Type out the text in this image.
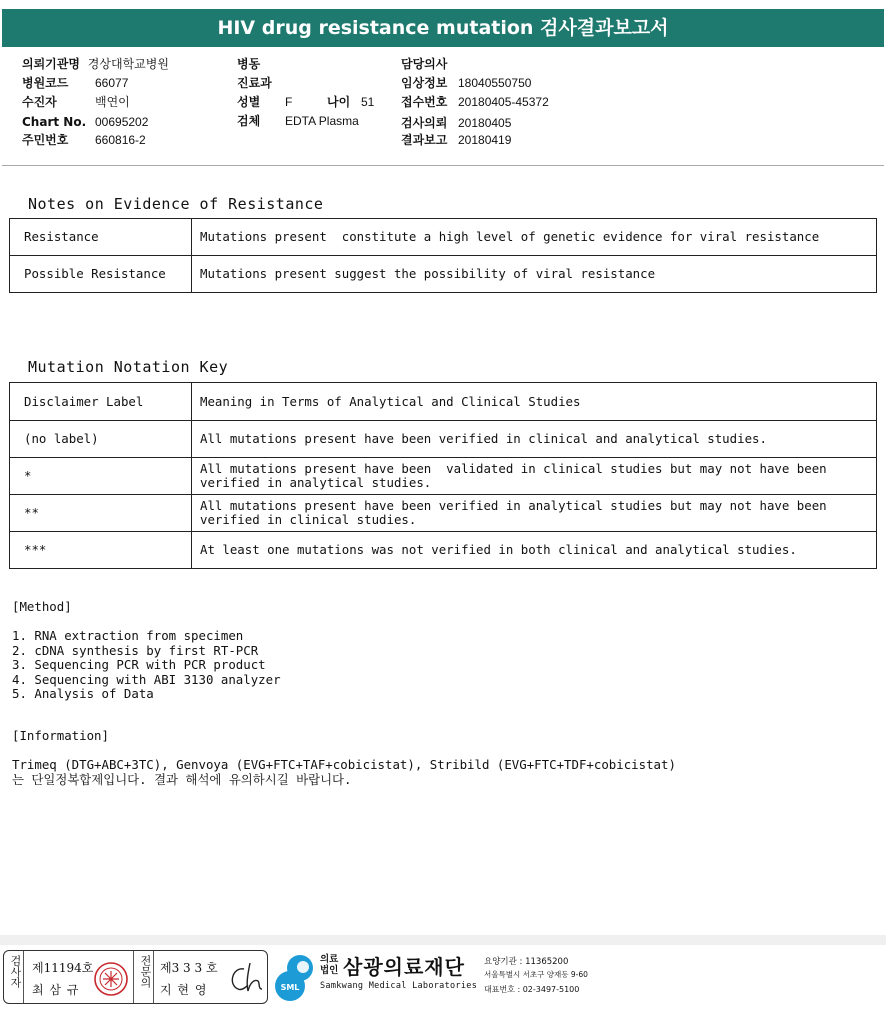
HIV drug resistance mutation 검사결과보고서
의뢰기관명 경상대학교병원
병원코드 66077
수진자	백연이
Chart No. 00695202
주민번호 660816-2
병동
진료과
성별 F	나이 51
검체 EDTA Plasma
담당의사
임상정보 18040550750
접수번호 20180405-45372
검사의뢰 20180405
결과보고 20180419
Notes on Evidence of Resistance
Resistance	Mutations present  constitute a high level of genetic evidence for viral resistance
Possible Resistance	Mutations present suggest the possibility of viral resistance
Mutation Notation Key
Disclaimer Label	Meaning in Terms of Analytical and Clinical Studies
(no label)	All mutations present have been verified in clinical and analytical studies.
*	All mutations present have been  validated in clinical studies but may not have been verified in analytical studies.
**	All mutations present have been verified in analytical studies but may not have been verified in clinical studies.
***	At least one mutations was not verified in both clinical and analytical studies.
[Method]
1. RNA extraction from specimen
2. cDNA synthesis by first RT-PCR
3. Sequencing PCR with PCR product
4. Sequencing with ABI 3130 analyzer
5. Analysis of Data
[Information]
Trimeq (DTG+ABC+3TC), Genvoya (EVG+FTC+TAF+cobicistat), Stribild (EVG+FTC+TDF+cobicistat)
는 단일정복합제입니다. 결과 해석에 유의하시길 바랍니다.
검사자 제11194호
최 삼 규
전문의 제3 3 3 호
지 현 영	SML
의료
법인 삼광의료재단
Samkwang Medical Laboratories
요양기관 : 11365200
서울특별시 서초구 양재동 9-60
대표번호 : 02-3497-5100
